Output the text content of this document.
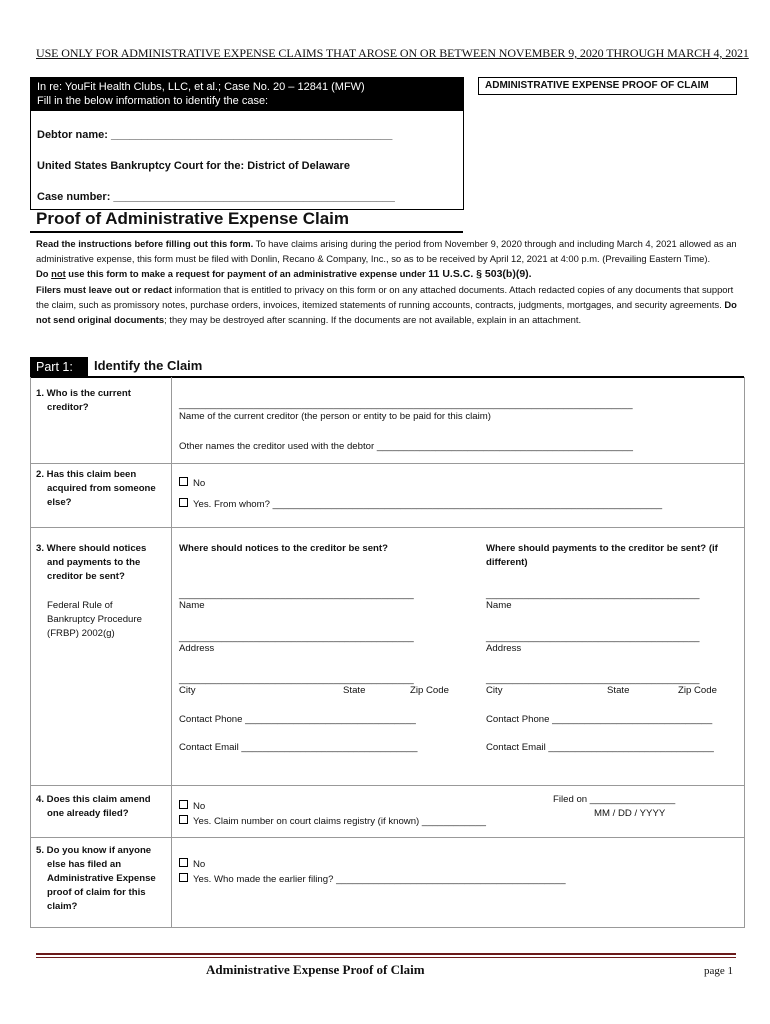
USE ONLY FOR ADMINISTRATIVE EXPENSE CLAIMS THAT AROSE ON OR BETWEEN NOVEMBER 9, 2020 THROUGH MARCH 4, 2021
In re: YouFit Health Clubs, LLC, et al.; Case No. 20 – 12841 (MFW)
Fill in the below information to identify the case:
Debtor name: ______________________________________________
United States Bankruptcy Court for the: District of Delaware
Case number: ______________________________________________
ADMINISTRATIVE EXPENSE PROOF OF CLAIM
Proof of Administrative Expense Claim

Read the instructions before filling out this form. To have claims arising during the period from November 9, 2020 through and including March 4, 2021 allowed as an administrative expense, this form must be filed with Donlin, Recano & Company, Inc., so as to be received by April 12, 2021 at 4:00 p.m. (Prevailing Eastern Time).

Do not use this form to make a request for payment of an administrative expense under 11 U.S.C. § 503(b)(9).

Filers must leave out or redact information that is entitled to privacy on this form or on any attached documents. Attach redacted copies of any documents that support the claim, such as promissory notes, purchase orders, invoices, itemized statements of running accounts, contracts, judgments, mortgages, and security agreements. Do not send original documents; they may be destroyed after scanning. If the documents are not available, explain in an attachment.

Part 1:	Identify the Claim
1. Who is the current
creditor?	_____________________________________________________________________________________
Name of the current creditor (the person or entity to be paid for this claim)
Other names the creditor used with the debtor ________________________________________________
2. Has this claim been
acquired from someone
else?
No
Yes. From whom? _________________________________________________________________________
3. Where should notices
and payments to the
creditor be sent?
Federal Rule of
Bankruptcy Procedure
(FRBP) 2002(g)
Where should notices to the creditor be sent?	Where should payments to the creditor be sent? (if
different)
____________________________________________
Name
________________________________________
Name
____________________________________________
Address
________________________________________
Address
____________________________________________
City	State	Zip Code
________________________________________
City	State	Zip Code
Contact Phone ________________________________	Contact Phone ______________________________
Contact Email _________________________________	Contact Email _______________________________
4. Does this claim amend
one already filed?
No
Yes. Claim number on court claims registry (if known) ____________
Filed on ________________
MM / DD / YYYY
5. Do you know if anyone
else has filed an
Administrative Expense
proof of claim for this
claim?
No
Yes. Who made the earlier filing? ___________________________________________
Administrative Expense Proof of Claim	page 1
